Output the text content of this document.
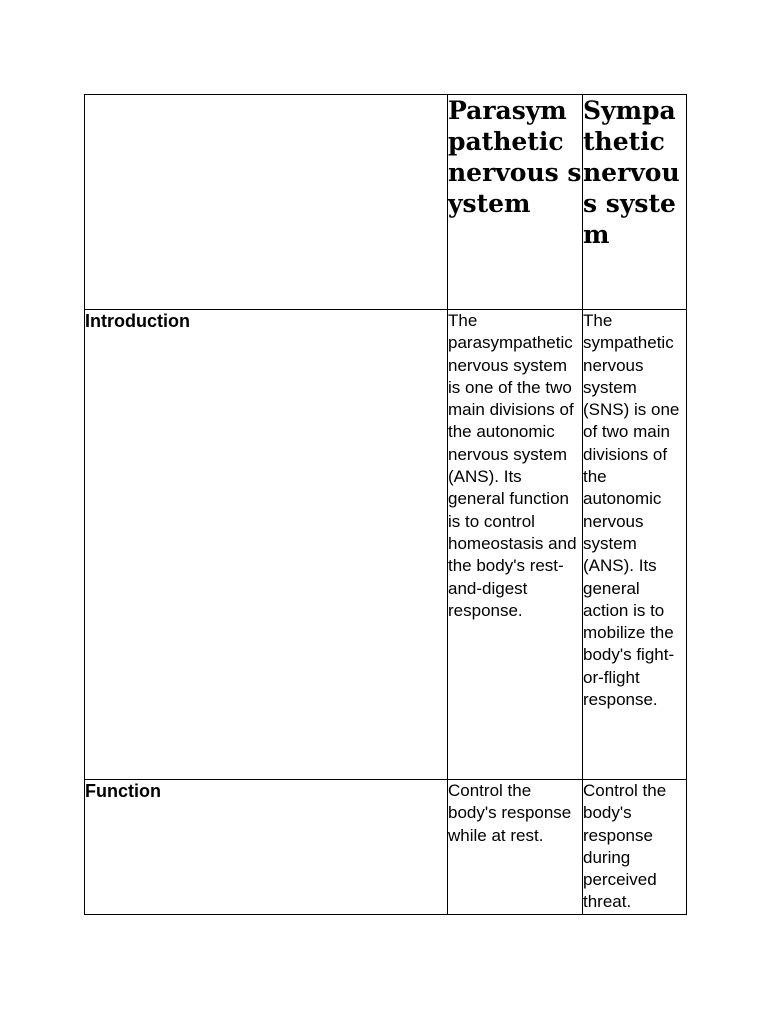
	Parasympathetic nervous system	Sympathetic nervous system
Introduction	The parasympathetic nervous system is one of the two main divisions of the autonomic nervous system (ANS). Its general function is to control homeostasis and the body's rest-and-digest response.	The sympathetic nervous system (SNS) is one of two main divisions of the autonomic nervous system (ANS). Its general action is to mobilize the body's fight-or-flight response.
Function	Control the body's response while at rest.	Control the body's response during perceived threat.
